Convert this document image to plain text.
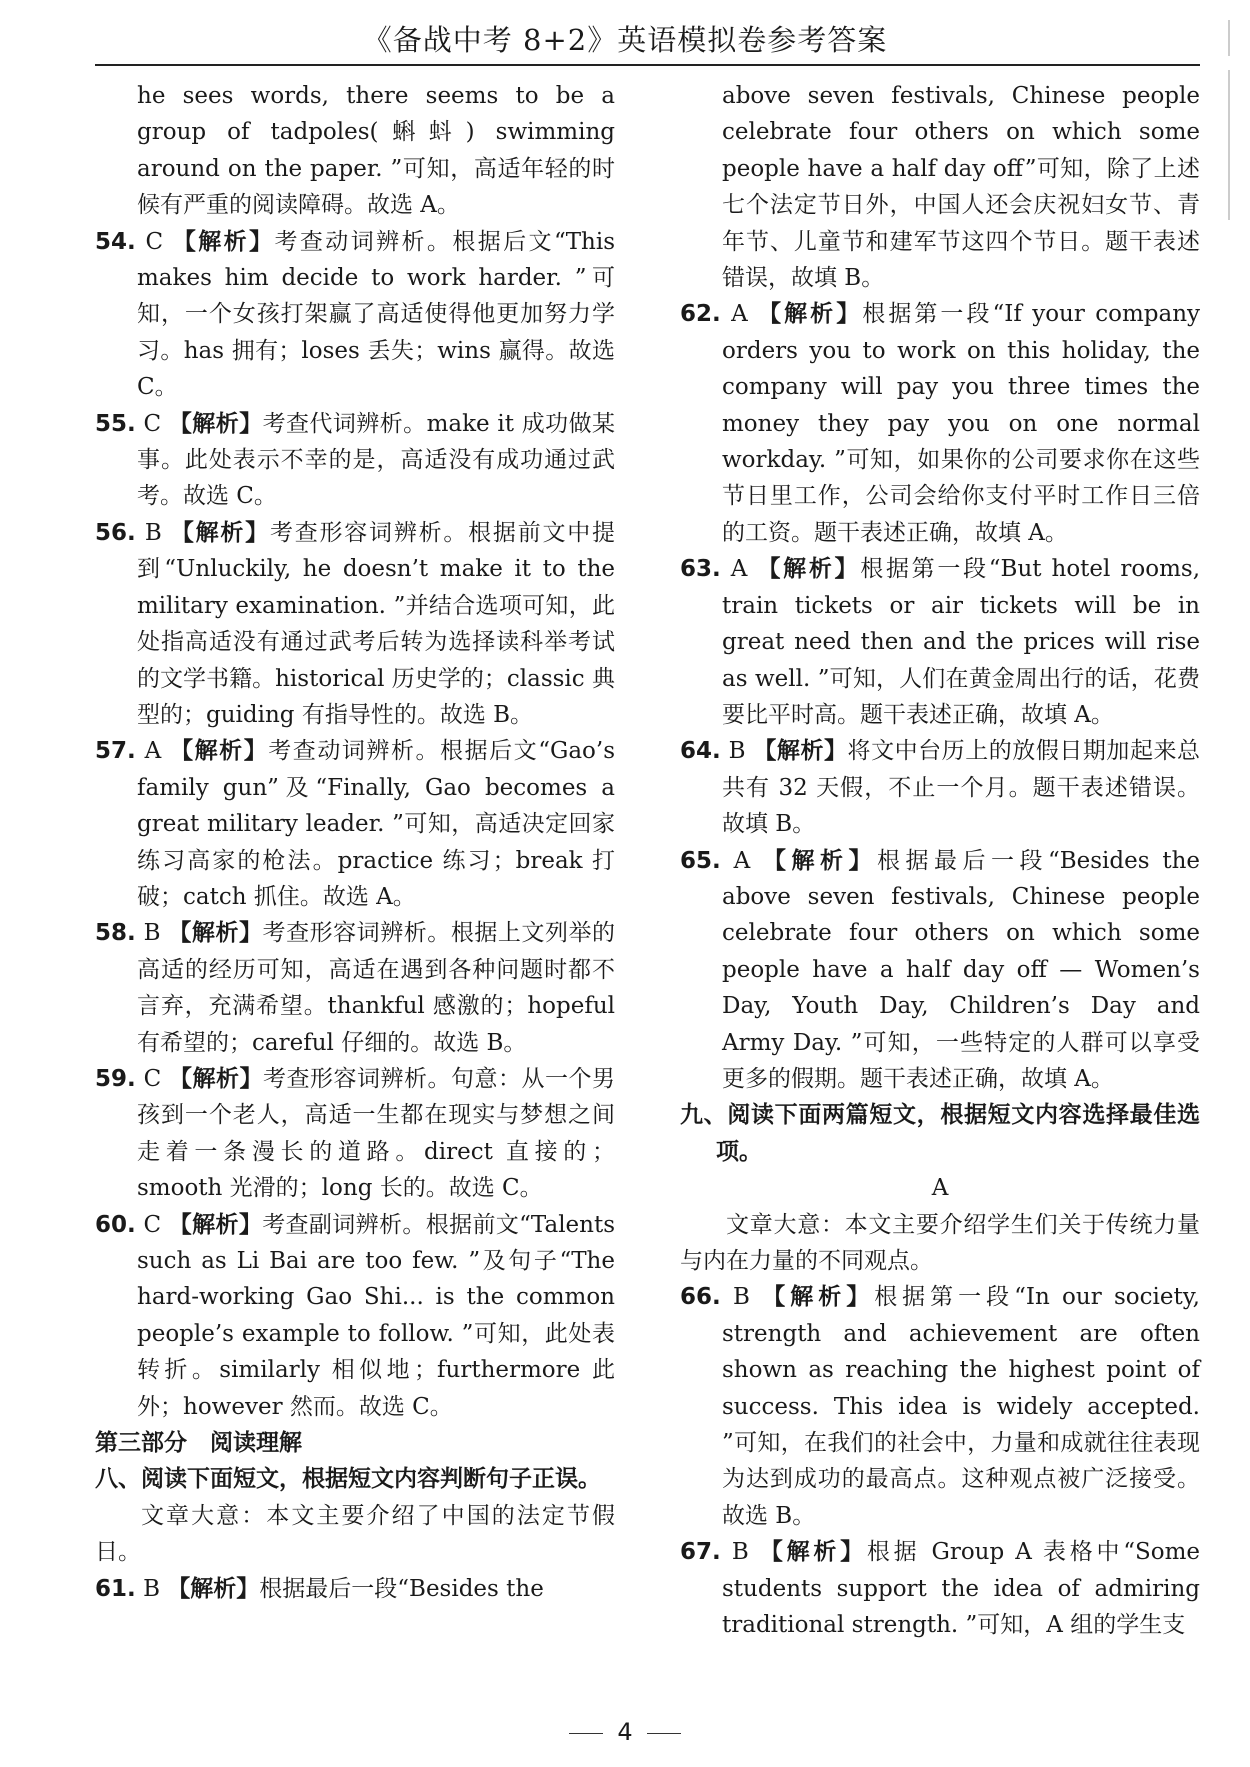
《备战中考 8+2》英语模拟卷参考答案

he sees words, there seems to be a group of tadpoles(蝌蚪) swimming around on the paper. ”可知，高适年轻的时候有严重的阅读障碍。故选 A。

54. C 【解析】考查动词辨析。根据后文“This makes him decide to work harder. ”可知，一个女孩打架赢了高适使得他更加努力学习。has 拥有；loses 丢失；wins 赢得。故选 C。

55. C 【解析】考查代词辨析。make it 成功做某事。此处表示不幸的是，高适没有成功通过武考。故选 C。

56. B 【解析】考查形容词辨析。根据前文中提到“Unluckily, he doesn’t make it to the military examination. ”并结合选项可知，此处指高适没有通过武考后转为选择读科举考试的文学书籍。historical 历史学的；classic 典型的；guiding 有指导性的。故选 B。

57. A 【解析】考查动词辨析。根据后文“Gao’s family gun”及“Finally, Gao becomes a great military leader. ”可知，高适决定回家练习高家的枪法。practice 练习；break 打破；catch 抓住。故选 A。

58. B 【解析】考查形容词辨析。根据上文列举的高适的经历可知，高适在遇到各种问题时都不言弃，充满希望。thankful 感激的；hopeful 有希望的；careful 仔细的。故选 B。

59. C 【解析】考查形容词辨析。句意：从一个男孩到一个老人，高适一生都在现实与梦想之间走着一条漫长的道路。direct 直接的；smooth 光滑的；long 长的。故选 C。

60. C 【解析】考查副词辨析。根据前文“Talents such as Li Bai are too few. ”及句子“The hard-working Gao Shi... is the common people’s example to follow. ”可知，此处表转折。similarly 相似地；furthermore 此外；however 然而。故选 C。

第三部分　阅读理解

八、阅读下面短文，根据短文内容判断句子正误。

文章大意：本文主要介绍了中国的法定节假日。

61. B 【解析】根据最后一段“Besides the

above seven festivals, Chinese people celebrate four others on which some people have a half day off”可知，除了上述七个法定节日外，中国人还会庆祝妇女节、青年节、儿童节和建军节这四个节日。题干表述错误，故填 B。

62. A 【解析】根据第一段“If your company orders you to work on this holiday, the company will pay you three times the money they pay you on one normal workday. ”可知，如果你的公司要求你在这些节日里工作，公司会给你支付平时工作日三倍的工资。题干表述正确，故填 A。

63. A 【解析】根据第一段“But hotel rooms, train tickets or air tickets will be in great need then and the prices will rise as well. ”可知，人们在黄金周出行的话，花费要比平时高。题干表述正确，故填 A。

64. B 【解析】将文中台历上的放假日期加起来总共有 32 天假，不止一个月。题干表述错误。故填 B。

65. A 【解析】根据最后一段“Besides the above seven festivals, Chinese people celebrate four others on which some people have a half day off — Women’s Day, Youth Day, Children’s Day and Army Day. ”可知，一些特定的人群可以享受更多的假期。题干表述正确，故填 A。

九、阅读下面两篇短文，根据短文内容选择最佳选项。

A

文章大意：本文主要介绍学生们关于传统力量与内在力量的不同观点。

66. B 【解析】根据第一段“In our society, strength and achievement are often shown as reaching the highest point of success. This idea is widely accepted. ”可知，在我们的社会中，力量和成就往往表现为达到成功的最高点。这种观点被广泛接受。故选 B。

67. B 【解析】根据 Group A 表格中“Some students support the idea of admiring traditional strength. ”可知，A 组的学生支

4
